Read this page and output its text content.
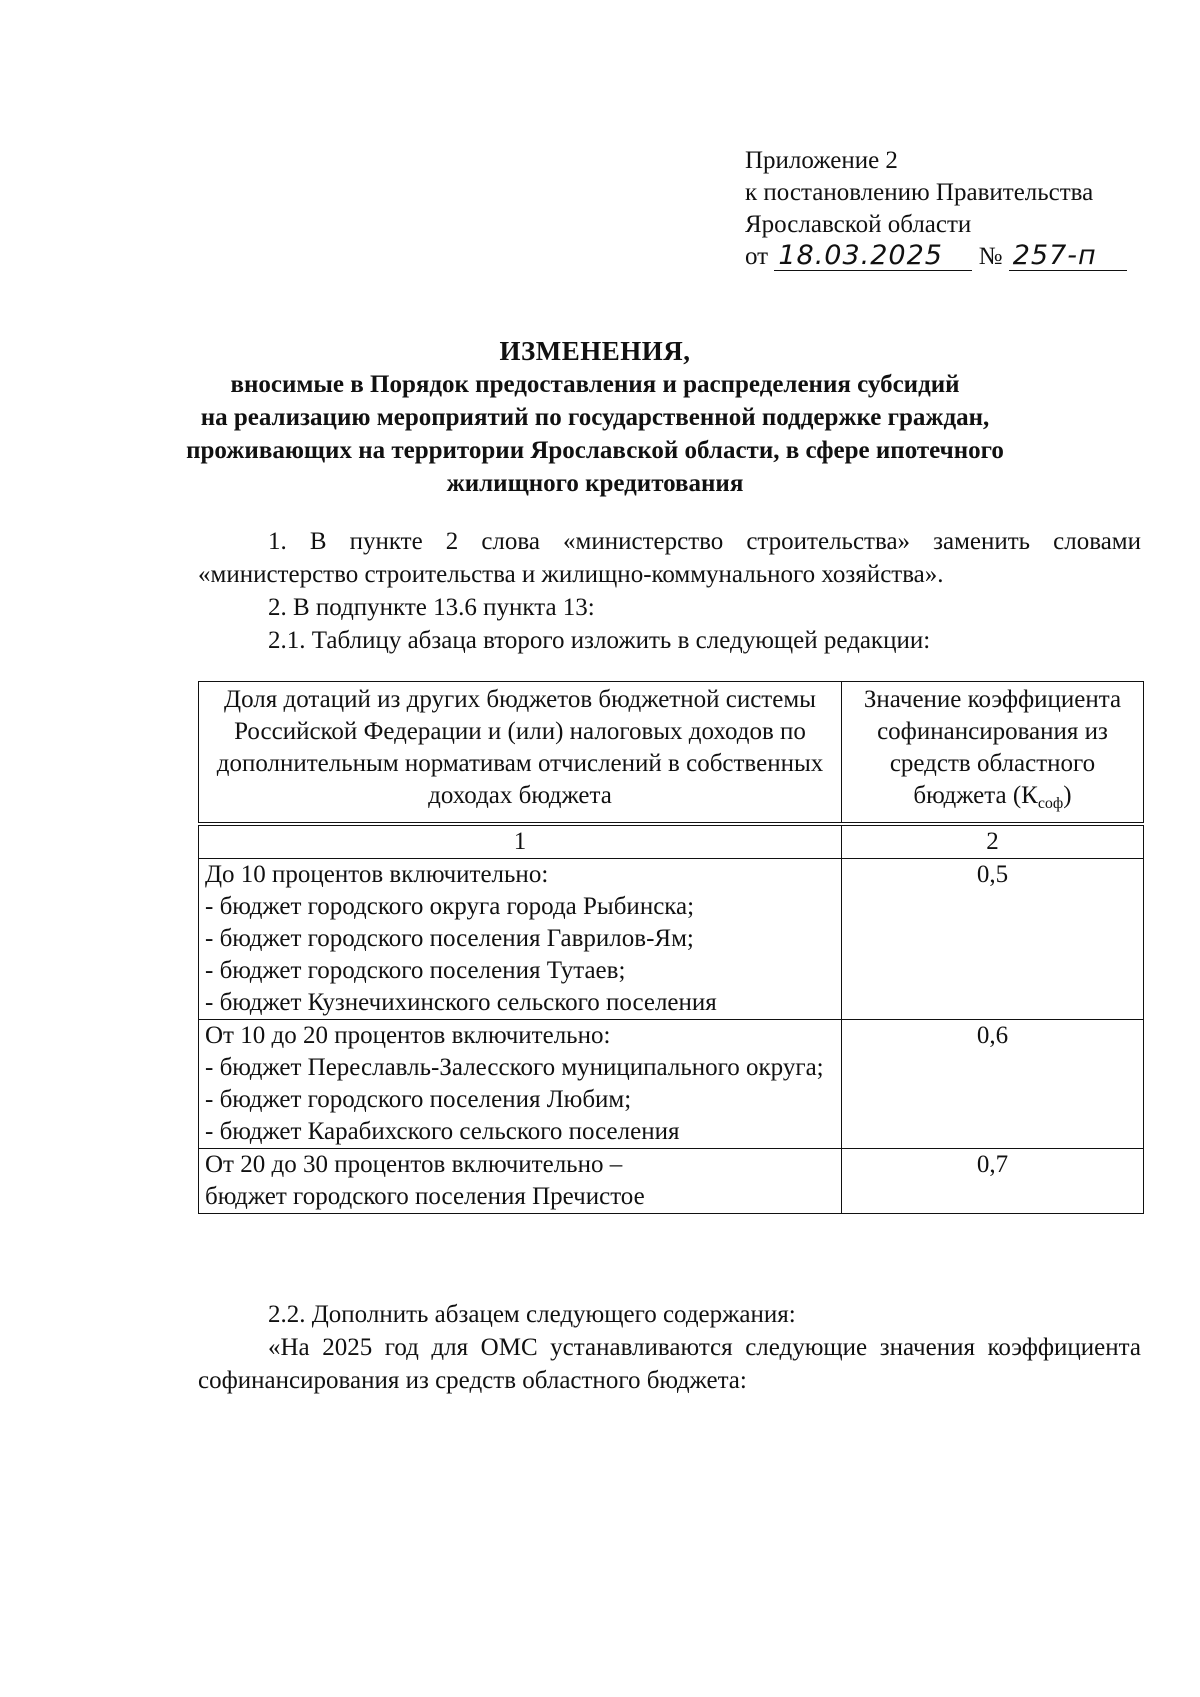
Приложение 2
к постановлению Правительства
Ярославской области
от 18.03.2025 № 257-п
ИЗМЕНЕНИЯ,
вносимые в Порядок предоставления и распределения субсидий
на реализацию мероприятий по государственной поддержке граждан,
проживающих на территории Ярославской области, в сфере ипотечного
жилищного кредитования

1. В пункте 2 слова «министерство строительства» заменить словами «министерство строительства и жилищно-коммунального хозяйства».

2. В подпункте 13.6 пункта 13:

2.1. Таблицу абзаца второго изложить в следующей редакции:

Доля дотаций из других бюджетов бюджетной системы Российской Федерации и (или) налоговых доходов по дополнительным нормативам отчислений в собственных доходах бюджета	Значение коэффициента софинансирования из средств областного бюджета $(К_{соф})$
1	2

До 10 процентов включительно:
- бюджет городского округа города Рыбинска;
- бюджет городского поселения Гаврилов-Ям;
- бюджет городского поселения Тутаев;
- бюджет Кузнечихинского сельского поселения	0,5

От 10 до 20 процентов включительно:
- бюджет Переславль-Залесского муниципального округа;
- бюджет городского поселения Любим;
- бюджет Карабихского сельского поселения	0,6

От 20 до 30 процентов включительно –
бюджет городского поселения Пречистое	0,7

2.2. Дополнить абзацем следующего содержания:

«На 2025 год для ОМС устанавливаются следующие значения коэффициента софинансирования из средств областного бюджета:
